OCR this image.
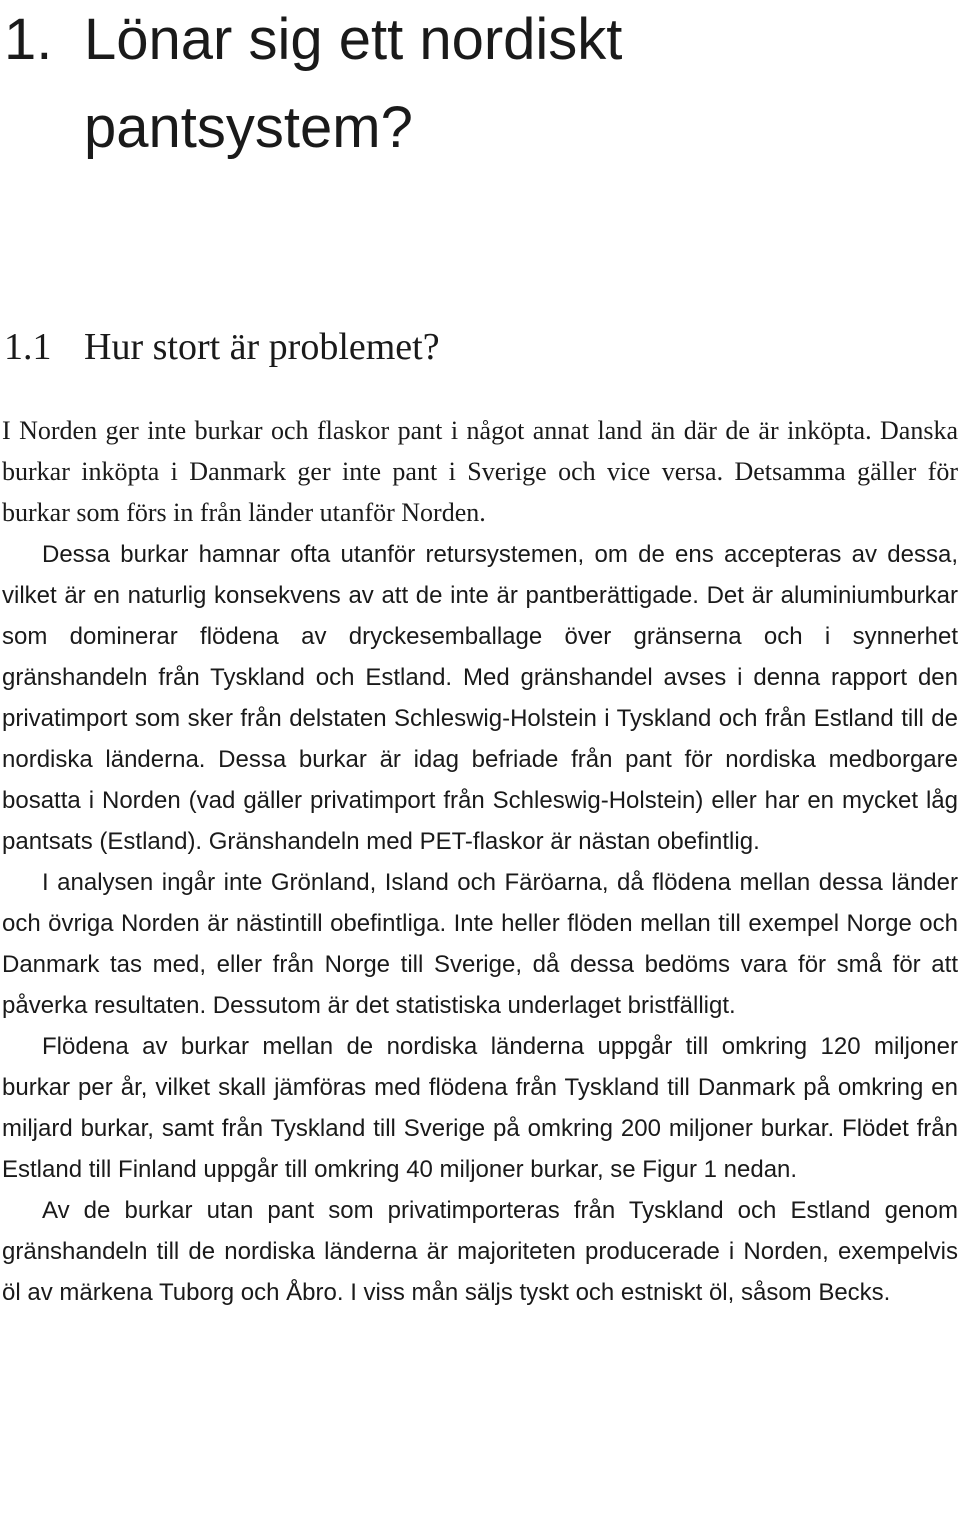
1. Lönar sig ett nordiskt pantsystem?
1.1 Hur stort är problemet?

I Norden ger inte burkar och flaskor pant i något annat land än där de är inköpta. Danska burkar inköpta i Danmark ger inte pant i Sverige och vice versa. Detsamma gäller för burkar som förs in från länder utanför Norden.

Dessa burkar hamnar ofta utanför retursystemen, om de ens accepteras av dessa, vilket är en naturlig konsekvens av att de inte är pantberättigade. Det är aluminiumburkar som dominerar flödena av dryckesemballage över gränserna och i synnerhet gränshandeln från Tyskland och Estland. Med gränshandel avses i denna rapport den privatimport som sker från delstaten Schleswig-Holstein i Tyskland och från Estland till de nordiska länderna. Dessa burkar är idag befriade från pant för nordiska medborgare bosatta i Norden (vad gäller privatimport från Schleswig-Holstein) eller har en mycket låg pantsats (Estland). Gränshandeln med PET-flaskor är nästan obefintlig.

I analysen ingår inte Grönland, Island och Färöarna, då flödena mellan dessa länder och övriga Norden är nästintill obefintliga. Inte heller flöden mellan till exempel Norge och Danmark tas med, eller från Norge till Sverige, då dessa bedöms vara för små för att påverka resultaten. Dessutom är det statistiska underlaget bristfälligt.

Flödena av burkar mellan de nordiska länderna uppgår till omkring 120 miljoner burkar per år, vilket skall jämföras med flödena från Tyskland till Danmark på omkring en miljard burkar, samt från Tyskland till Sverige på omkring 200 miljoner burkar. Flödet från Estland till Finland uppgår till omkring 40 miljoner burkar, se Figur 1 nedan.

Av de burkar utan pant som privatimporteras från Tyskland och Estland genom gränshandeln till de nordiska länderna är majoriteten producerade i Norden, exempelvis öl av märkena Tuborg och Åbro. I viss mån säljs tyskt och estniskt öl, såsom Becks.
